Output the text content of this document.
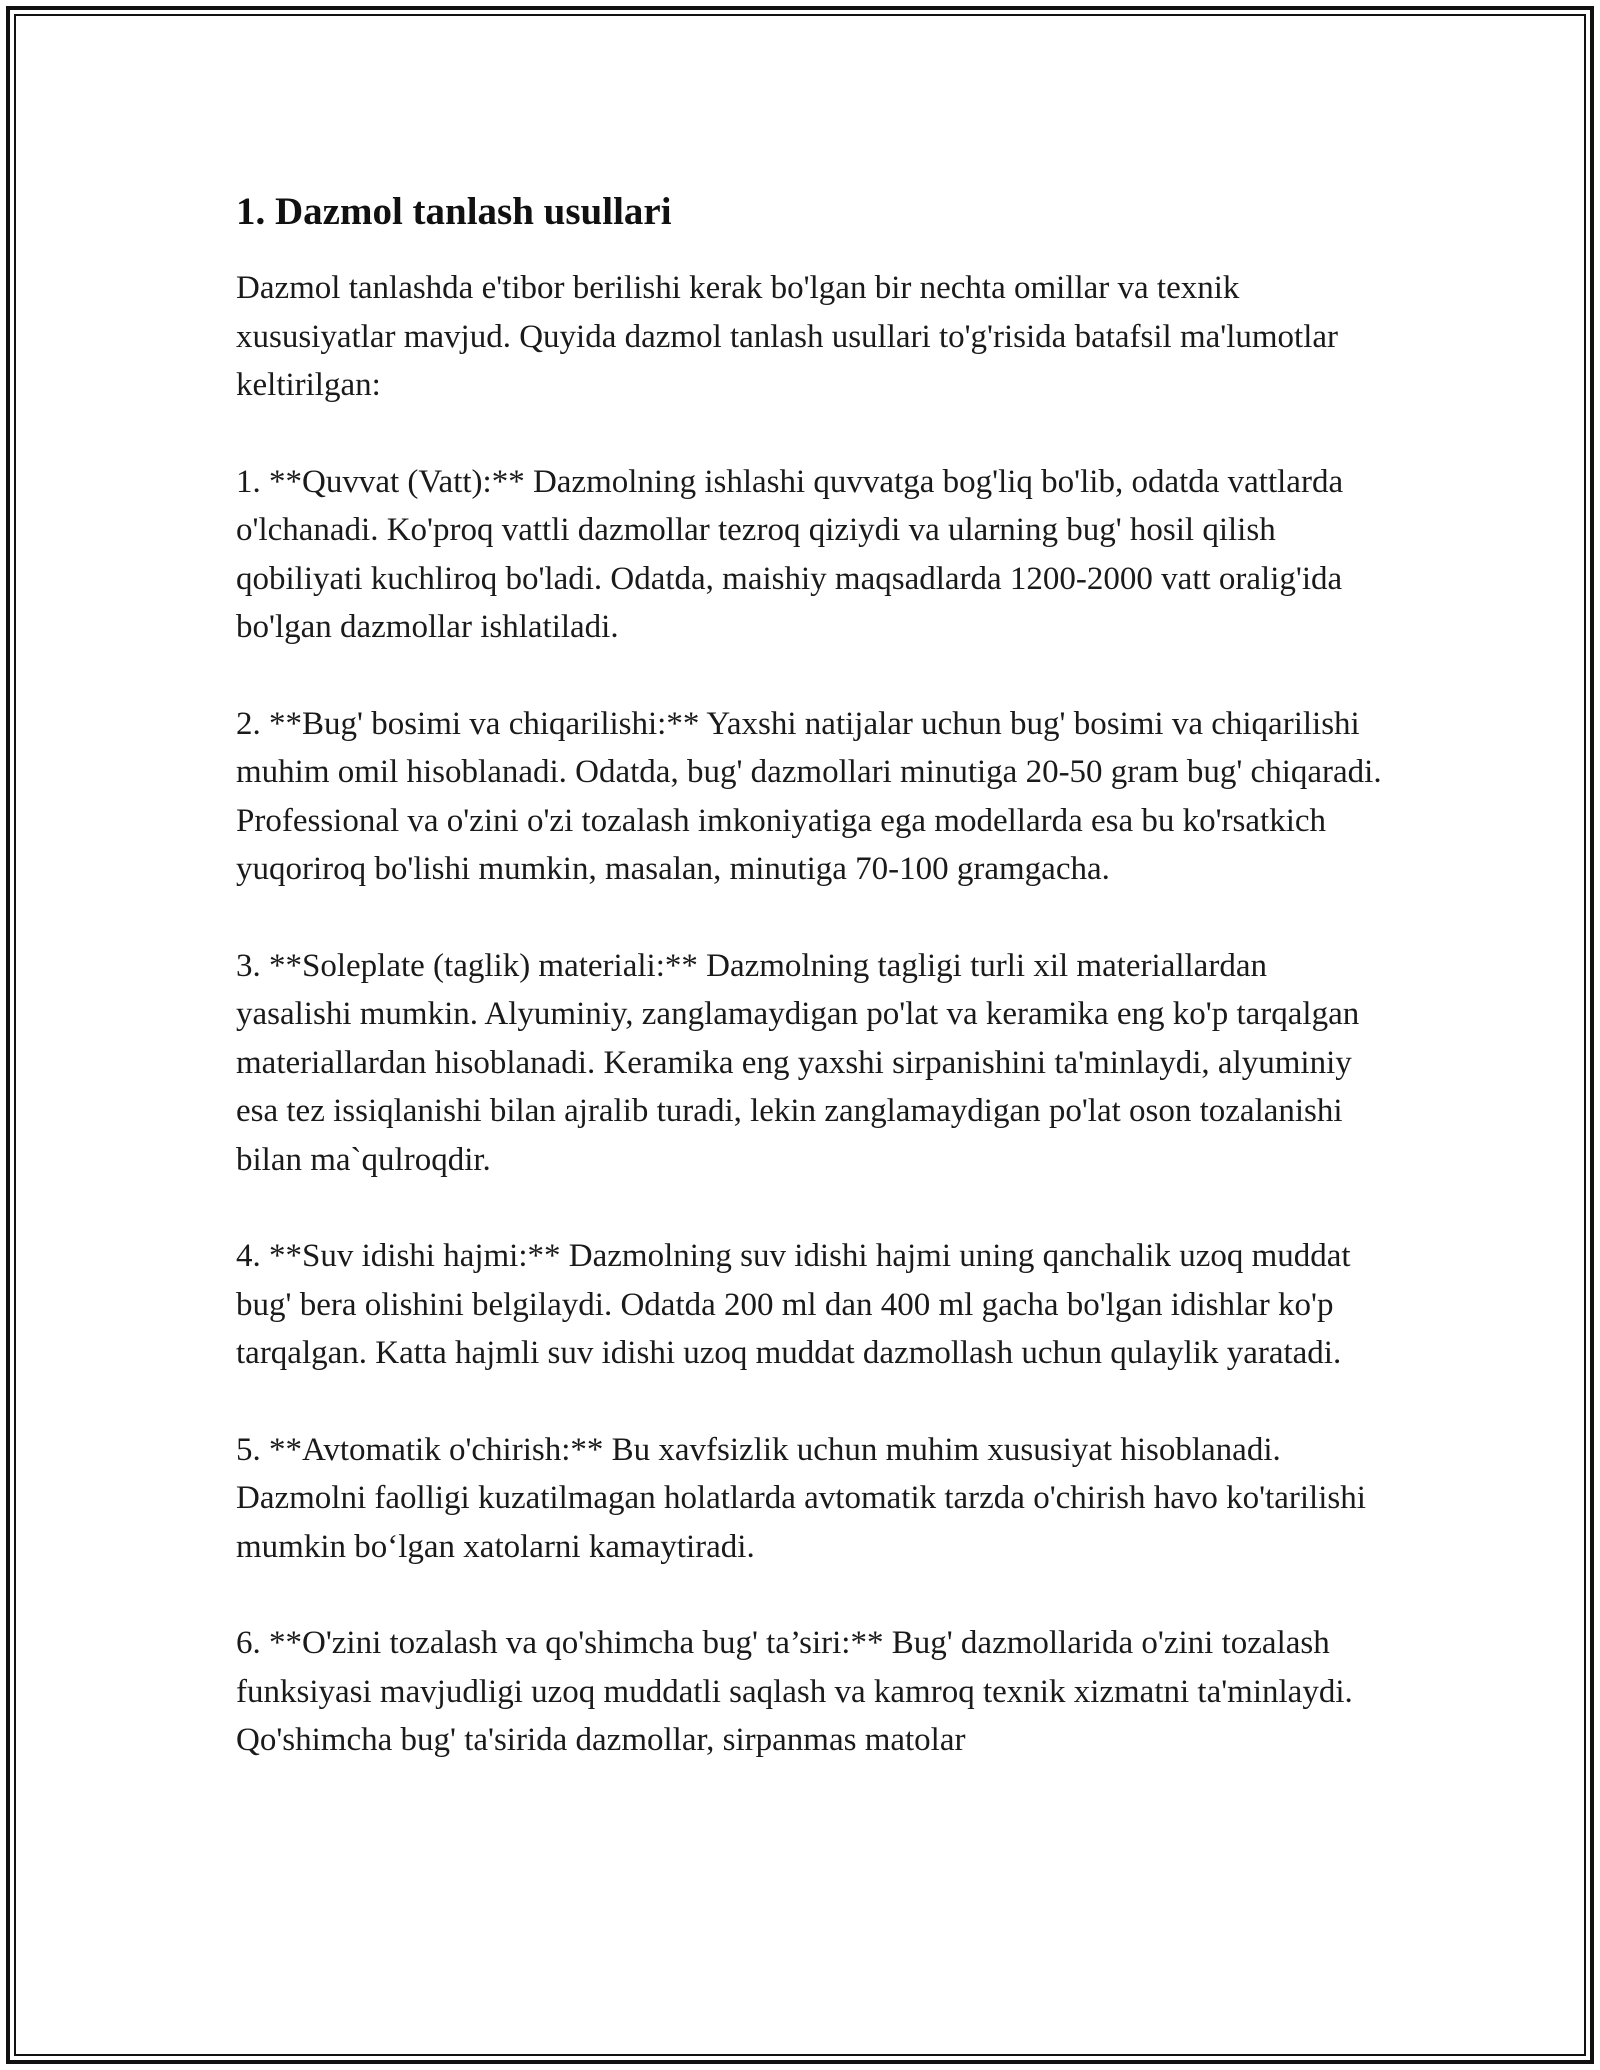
1. Dazmol tanlash usullari

Dazmol tanlashda e'tibor berilishi kerak bo'lgan bir nechta omillar va texnik xususiyatlar mavjud. Quyida dazmol tanlash usullari to'g'risida batafsil ma'lumotlar keltirilgan:

1. **Quvvat (Vatt):** Dazmolning ishlashi quvvatga bog'liq bo'lib, odatda vattlarda o'lchanadi. Ko'proq vattli dazmollar tezroq qiziydi va ularning bug' hosil qilish qobiliyati kuchliroq bo'ladi. Odatda, maishiy maqsadlarda 1200-2000 vatt oralig'ida bo'lgan dazmollar ishlatiladi.

2. **Bug' bosimi va chiqarilishi:** Yaxshi natijalar uchun bug' bosimi va chiqarilishi muhim omil hisoblanadi. Odatda, bug' dazmollari minutiga 20-50 gram bug' chiqaradi. Professional va o'zini o'zi tozalash imkoniyatiga ega modellarda esa bu ko'rsatkich yuqoriroq bo'lishi mumkin, masalan, minutiga 70-100 gramgacha.

3. **Soleplate (taglik) materiali:** Dazmolning tagligi turli xil materiallardan yasalishi mumkin. Alyuminiy, zanglamaydigan po'lat va keramika eng ko'p tarqalgan materiallardan hisoblanadi. Keramika eng yaxshi sirpanishini ta'minlaydi, alyuminiy esa tez issiqlanishi bilan ajralib turadi, lekin zanglamaydigan po'lat oson tozalanishi bilan ma`qulroqdir.

4. **Suv idishi hajmi:** Dazmolning suv idishi hajmi uning qanchalik uzoq muddat bug' bera olishini belgilaydi. Odatda 200 ml dan 400 ml gacha bo'lgan idishlar ko'p tarqalgan. Katta hajmli suv idishi uzoq muddat dazmollash uchun qulaylik yaratadi.

5. **Avtomatik o'chirish:** Bu xavfsizlik uchun muhim xususiyat hisoblanadi. Dazmolni faolligi kuzatilmagan holatlarda avtomatik tarzda o'chirish havo ko'tarilishi mumkin bo‘lgan xatolarni kamaytiradi.

6. **O'zini tozalash va qo'shimcha bug' ta’siri:** Bug' dazmollarida o'zini tozalash funksiyasi mavjudligi uzoq muddatli saqlash va kamroq texnik xizmatni ta'minlaydi. Qo'shimcha bug' ta'sirida dazmollar, sirpanmas matolar
